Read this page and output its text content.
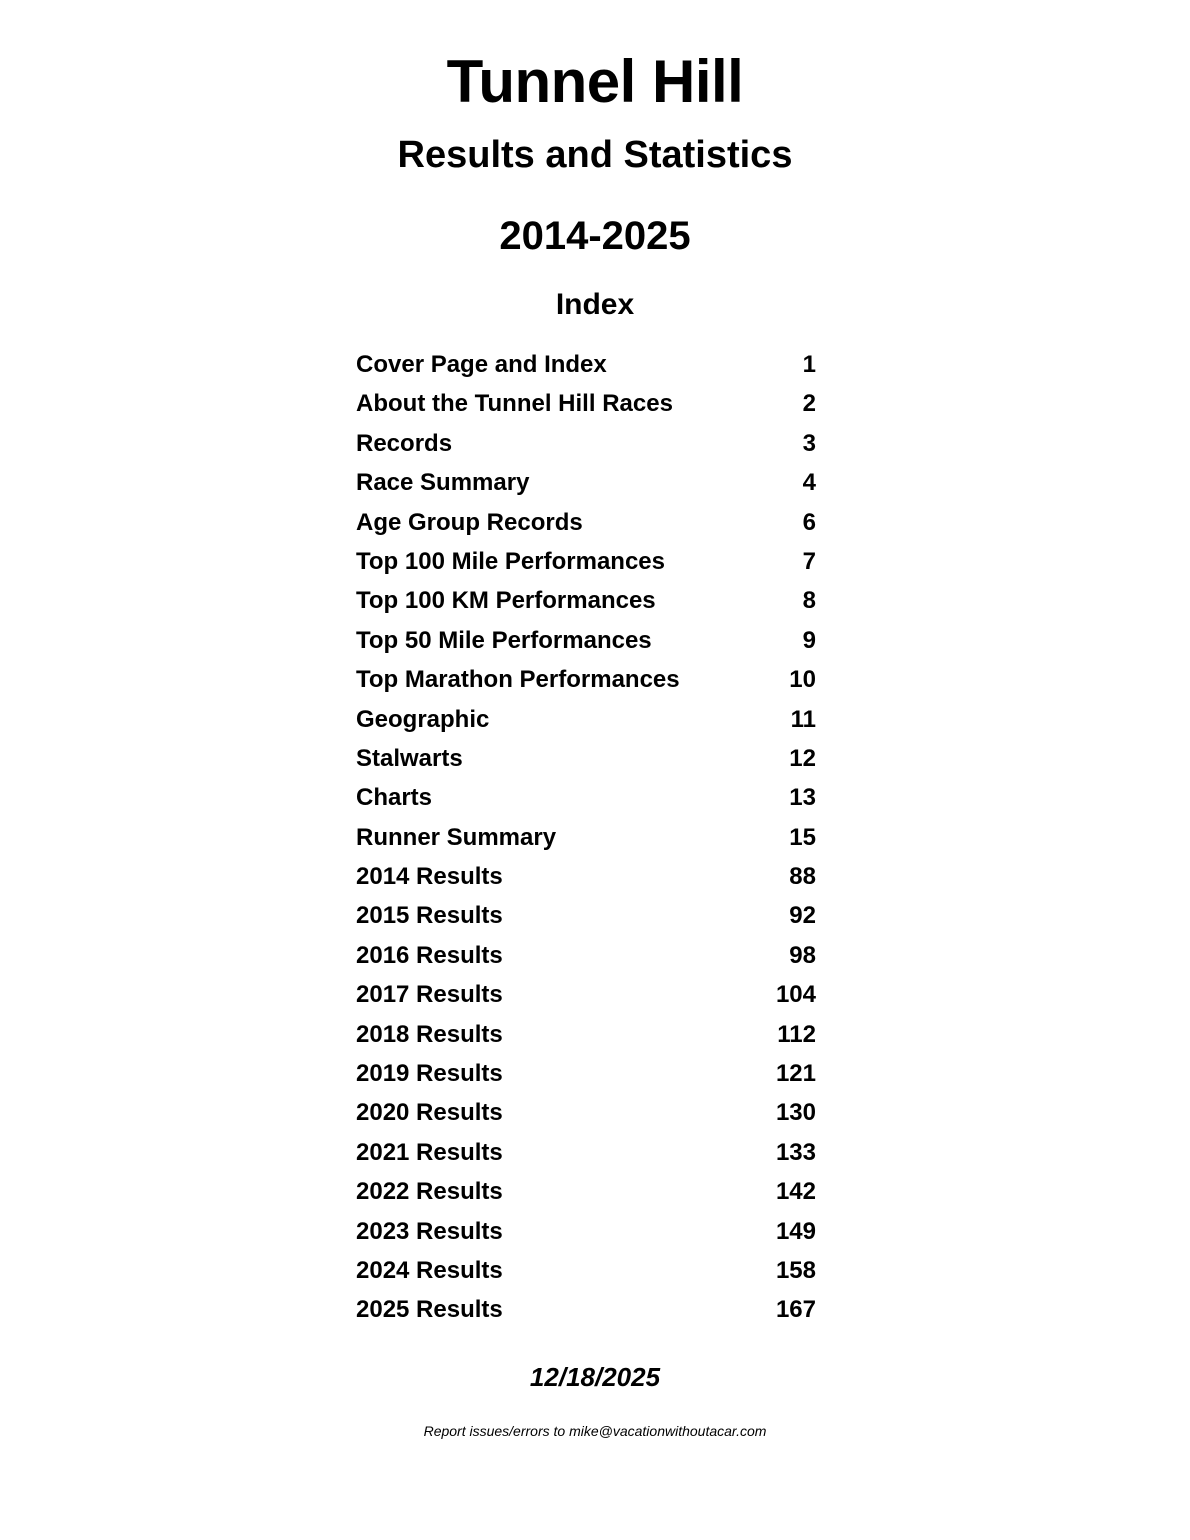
Tunnel Hill
Results and Statistics
2014-2025
Index
Cover Page and Index	1
About the Tunnel Hill Races	2
Records	3
Race Summary	4
Age Group Records	6
Top 100 Mile Performances	7
Top 100 KM Performances	8
Top 50 Mile Performances	9
Top Marathon Performances	10
Geographic	11
Stalwarts	12
Charts	13
Runner Summary	15
2014 Results	88
2015 Results	92
2016 Results	98
2017 Results	104
2018 Results	112
2019 Results	121
2020 Results	130
2021 Results	133
2022 Results	142
2023 Results	149
2024 Results	158
2025 Results	167
12/18/2025
Report issues/errors to mike@vacationwithoutacar.com
